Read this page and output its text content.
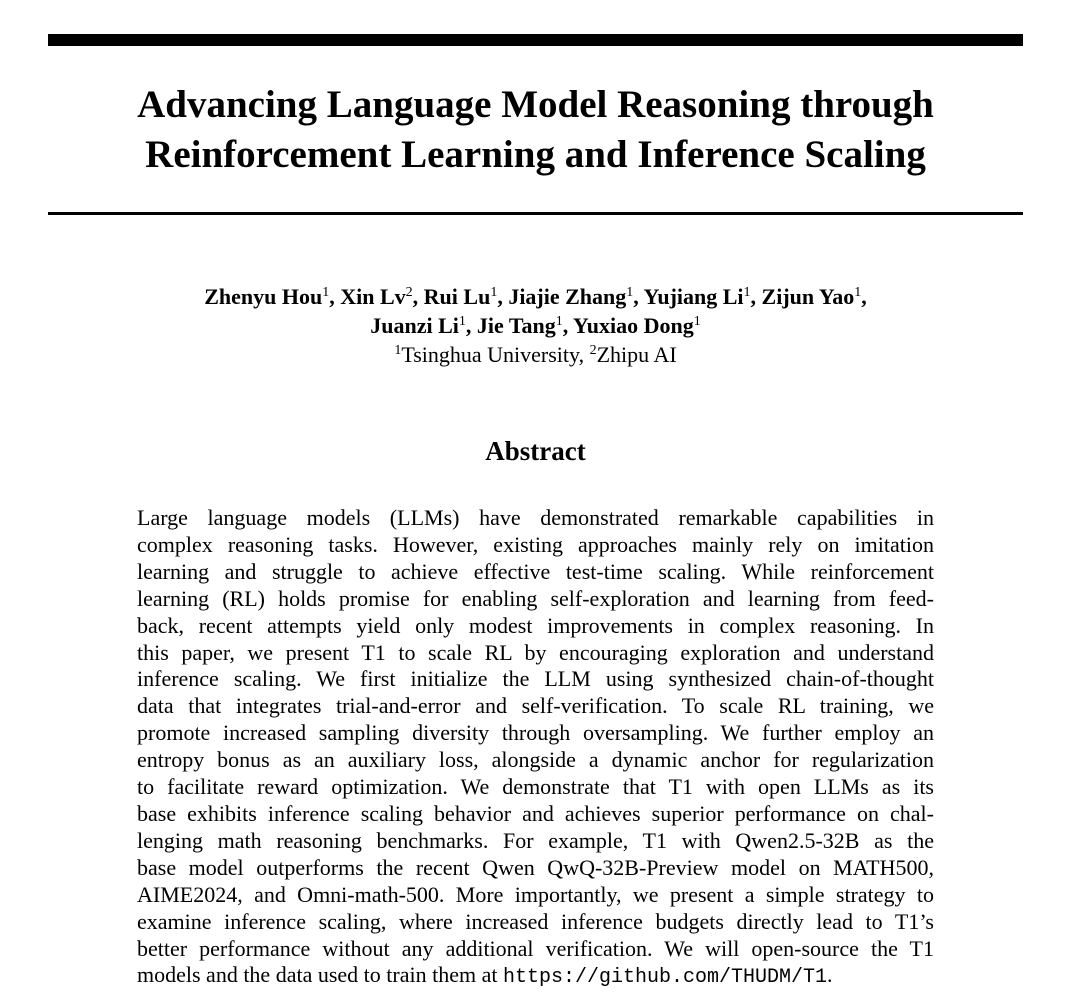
Advancing Language Model Reasoning through
Reinforcement Learning and Inference Scaling
Zhenyu Hou$^1$, Xin Lv$^2$, Rui Lu$^1$, Jiajie Zhang$^1$, Yujiang Li$^1$, Zijun Yao$^1$,
Juanzi Li$^1$, Jie Tang$^1$, Yuxiao Dong$^1$
$^1$Tsinghua University, $^2$Zhipu AI
Abstract
Large language models (LLMs) have demonstrated remarkable capabilities in
complex reasoning tasks. However, existing approaches mainly rely on imitation
learning and struggle to achieve effective test-time scaling. While reinforcement
learning (RL) holds promise for enabling self-exploration and learning from feed-
back, recent attempts yield only modest improvements in complex reasoning. In
this paper, we present T1 to scale RL by encouraging exploration and understand
inference scaling. We first initialize the LLM using synthesized chain-of-thought
data that integrates trial-and-error and self-verification. To scale RL training, we
promote increased sampling diversity through oversampling. We further employ an
entropy bonus as an auxiliary loss, alongside a dynamic anchor for regularization
to facilitate reward optimization. We demonstrate that T1 with open LLMs as its
base exhibits inference scaling behavior and achieves superior performance on chal-
lenging math reasoning benchmarks. For example, T1 with Qwen2.5-32B as the
base model outperforms the recent Qwen QwQ-32B-Preview model on MATH500,
AIME2024, and Omni-math-500. More importantly, we present a simple strategy to
examine inference scaling, where increased inference budgets directly lead to T1’s
better performance without any additional verification. We will open-source the T1
models and the data used to train them at https://github.com/THUDM/T1.
